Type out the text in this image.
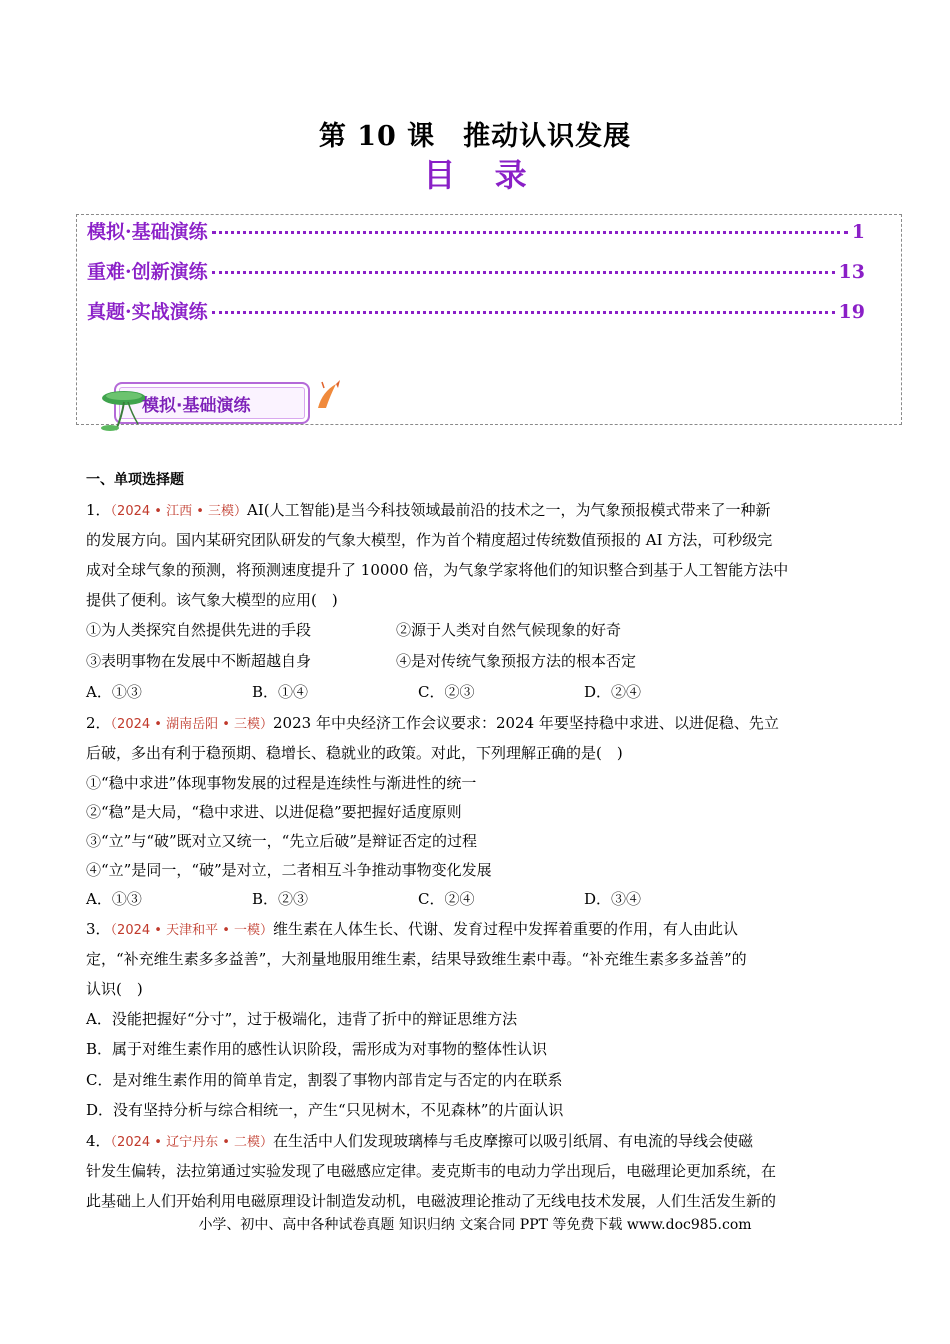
第 10 课　推动认识发展
目 录
模拟·基础演练	1
重难·创新演练	13
真题·实战演练	19
模拟·基础演练
一、单项选择题
1．（2024 • 江西 • 三模）AI(人工智能)是当今科技领域最前沿的技术之一，为气象预报模式带来了一种新
的发展方向。国内某研究团队研发的气象大模型，作为首个精度超过传统数值预报的 AI 方法，可秒级完
成对全球气象的预测，将预测速度提升了 10000 倍，为气象学家将他们的知识整合到基于人工智能方法中
提供了便利。该气象大模型的应用(　)
①为人类探究自然提供先进的手段	②源于人类对自然气候现象的好奇
③表明事物在发展中不断超越自身	④是对传统气象预报方法的根本否定
A．①③	B．①④	C．②③	D．②④
2．（2024 • 湖南岳阳 • 三模）2023 年中央经济工作会议要求：2024 年要坚持稳中求进、以进促稳、先立
后破，多出有利于稳预期、稳增长、稳就业的政策。对此，下列理解正确的是(　)
①“稳中求进”体现事物发展的过程是连续性与渐进性的统一
②“稳”是大局，“稳中求进、以进促稳”要把握好适度原则
③“立”与“破”既对立又统一，“先立后破”是辩证否定的过程
④“立”是同一，“破”是对立，二者相互斗争推动事物变化发展
A．①③	B．②③	C．②④	D．③④
3．（2024 • 天津和平 • 一模）维生素在人体生长、代谢、发育过程中发挥着重要的作用，有人由此认
定，“补充维生素多多益善”，大剂量地服用维生素，结果导致维生素中毒。“补充维生素多多益善”的
认识(　)
A．没能把握好“分寸”，过于极端化，违背了折中的辩证思维方法
B．属于对维生素作用的感性认识阶段，需形成为对事物的整体性认识
C．是对维生素作用的简单肯定，割裂了事物内部肯定与否定的内在联系
D．没有坚持分析与综合相统一，产生“只见树木，不见森林”的片面认识
4．（2024 • 辽宁丹东 • 二模）在生活中人们发现玻璃棒与毛皮摩擦可以吸引纸屑、有电流的导线会使磁
针发生偏转，法拉第通过实验发现了电磁感应定律。麦克斯韦的电动力学出现后，电磁理论更加系统，在
此基础上人们开始利用电磁原理设计制造发动机，电磁波理论推动了无线电技术发展，人们生活发生新的
小学、初中、高中各种试卷真题 知识归纳 文案合同 PPT 等免费下载 www.doc985.com
